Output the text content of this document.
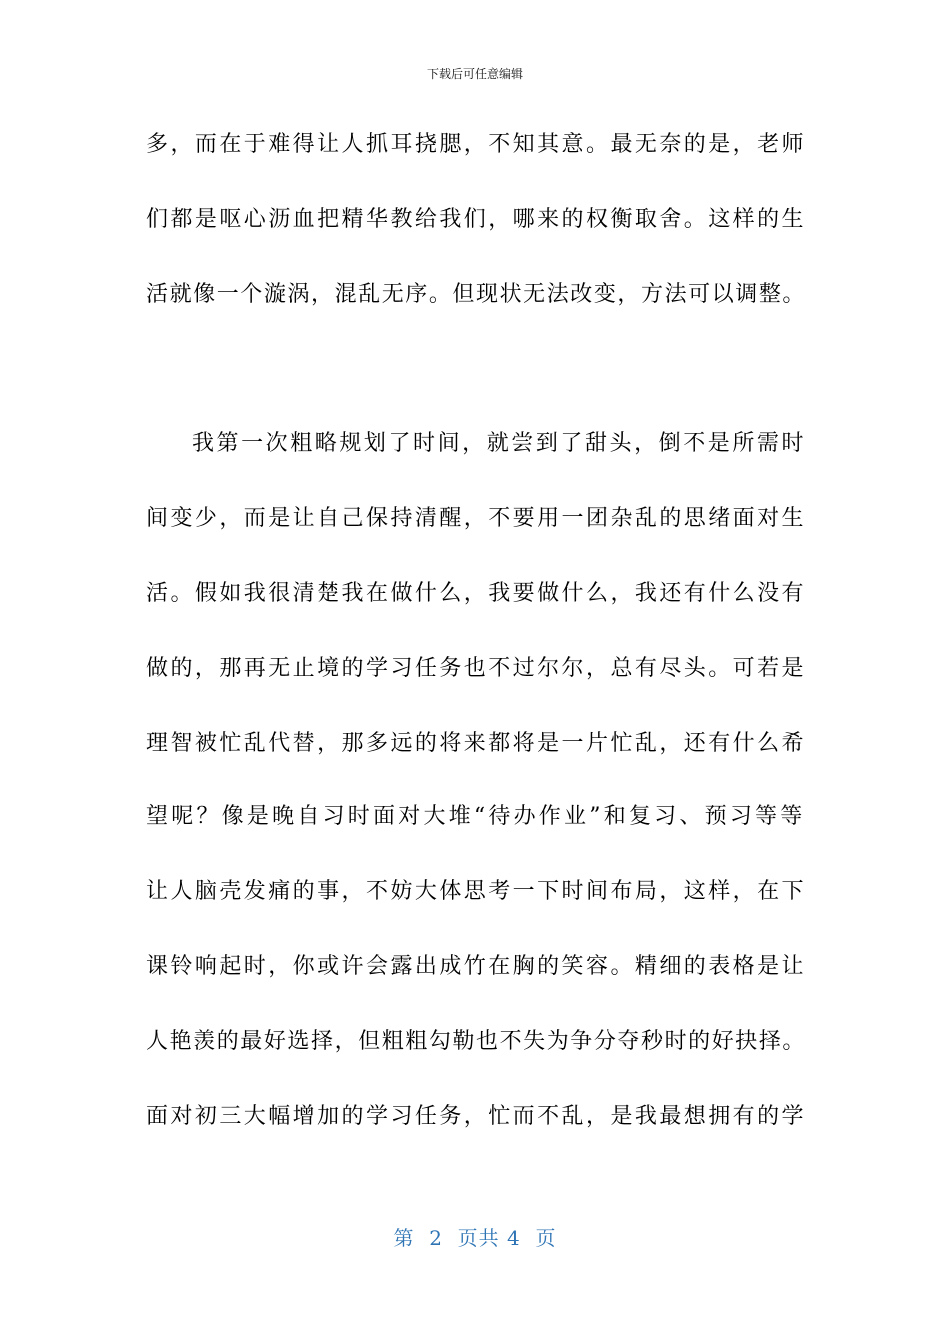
下载后可任意编辑
多，而在于难得让人抓耳挠腮，不知其意。最无奈的是，老师
们都是呕心沥血把精华教给我们，哪来的权衡取舍。这样的生
活就像一个漩涡，混乱无序。但现状无法改变，方法可以调整。
我第一次粗略规划了时间，就尝到了甜头，倒不是所需时
间变少，而是让自己保持清醒，不要用一团杂乱的思绪面对生
活。假如我很清楚我在做什么，我要做什么，我还有什么没有
做的，那再无止境的学习任务也不过尔尔，总有尽头。可若是
理智被忙乱代替，那多远的将来都将是一片忙乱，还有什么希
望呢？像是晚自习时面对大堆“待办作业”和复习、预习等等
让人脑壳发痛的事，不妨大体思考一下时间布局，这样，在下
课铃响起时，你或许会露出成竹在胸的笑容。精细的表格是让
人艳羡的最好选择，但粗粗勾勒也不失为争分夺秒时的好抉择。
面对初三大幅增加的学习任务，忙而不乱，是我最想拥有的学
第  2  页共 4  页
